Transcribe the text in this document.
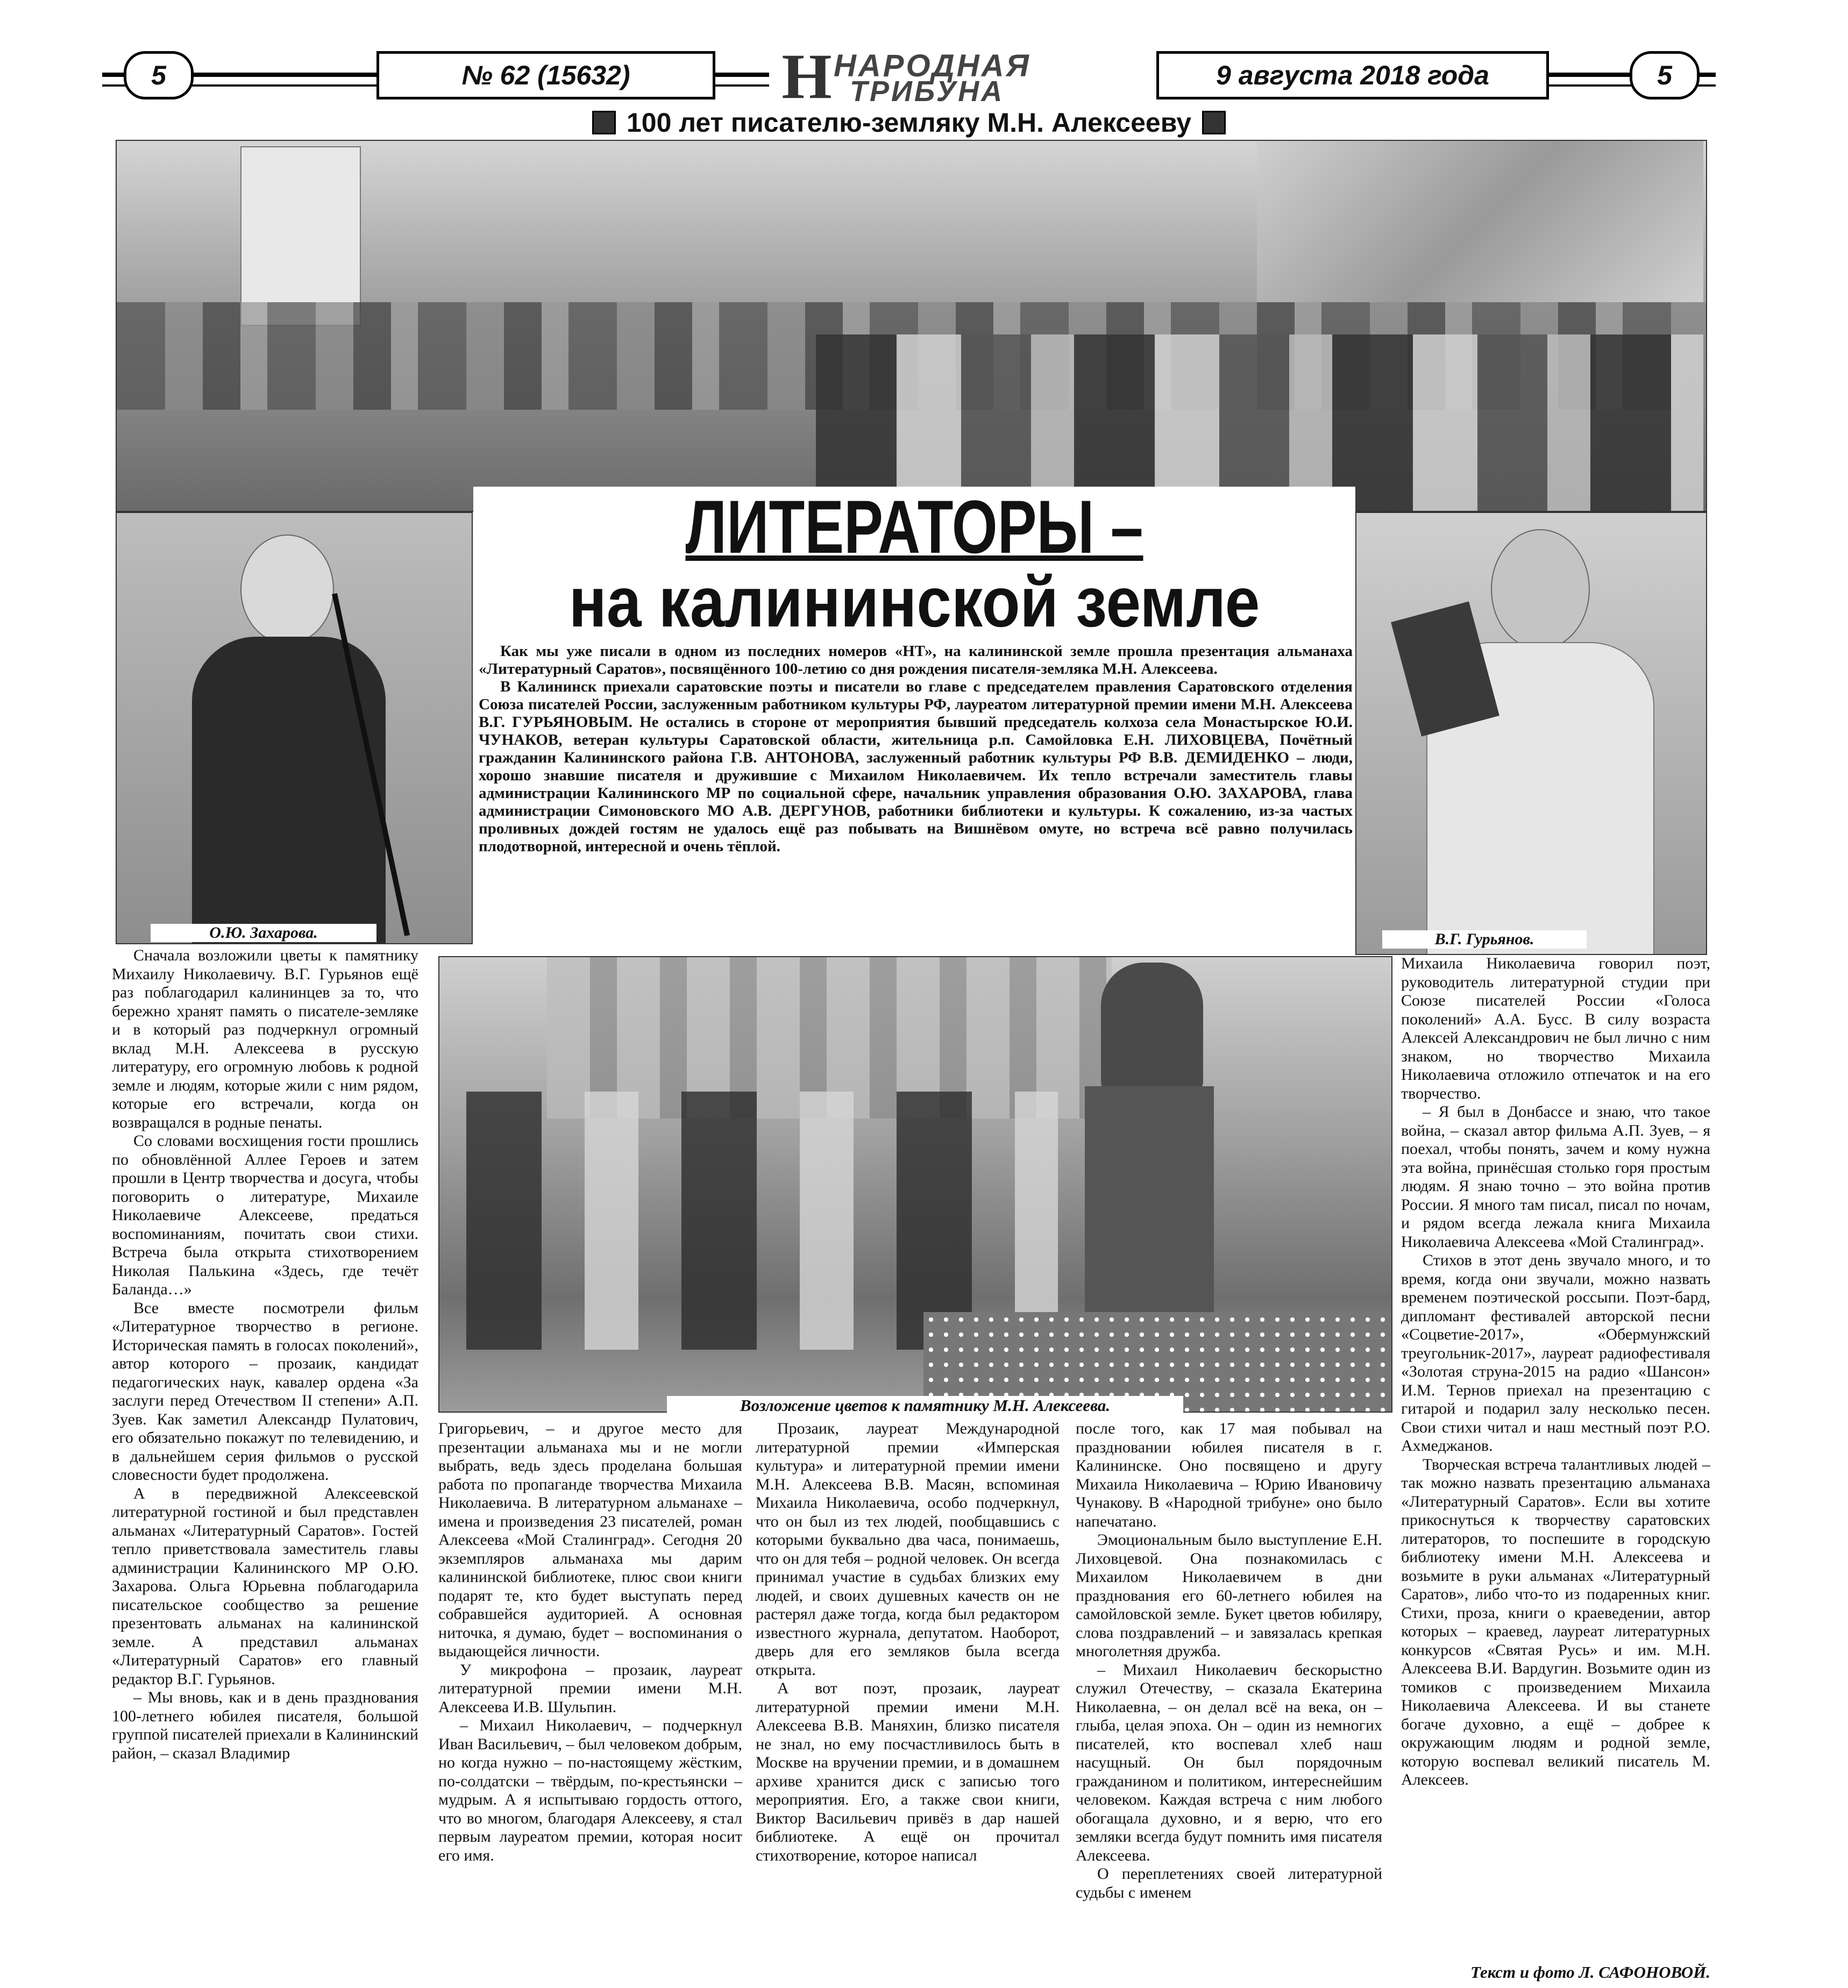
5	№ 62 (15632)	Н НАРОДНАЯ
ТРИБУНА	9 августа 2018 года	5
100 лет писателю-земляку М.Н. Алексееву
О.Ю. Захарова.	В.Г. Гурьянов.
ЛИТЕРАТОРЫ –
на калининской земле

Как мы уже писали в одном из последних номеров «НТ», на калининской земле прошла презентация альманаха «Литературный Саратов», посвящённого 100-летию со дня рождения писателя-земляка М.Н. Алексеева.

В Калининск приехали саратовские поэты и писатели во главе с председателем правления Саратовского отделения Союза писателей России, заслуженным работником культуры РФ, лауреатом литературной премии имени М.Н. Алексеева В.Г. ГУРЬЯНОВЫМ. Не остались в стороне от мероприятия бывший председатель колхоза села Монастырское Ю.И. ЧУНАКОВ, ветеран культуры Саратовской области, жительница р.п. Самойловка Е.Н. ЛИХОВЦЕВА, Почётный гражданин Калининского района Г.В. АНТОНОВА, заслуженный работник культуры РФ В.В. ДЕМИДЕНКО – люди, хорошо знавшие писателя и дружившие с Михаилом Николаевичем. Их тепло встречали заместитель главы администрации Калининского МР по социальной сфере, начальник управления образования О.Ю. ЗАХАРОВА, глава администрации Симоновского МО А.В. ДЕРГУНОВ, работники библиотеки и культуры. К сожалению, из-за частых проливных дождей гостям не удалось ещё раз побывать на Вишнёвом омуте, но встреча всё равно получилась плодотворной, интересной и очень тёплой.

Возложение цветов к памятнику М.Н. Алексеева.

Сначала возложили цветы к памятнику Михаилу Николаевичу. В.Г. Гурьянов ещё раз поблагодарил калининцев за то, что бережно хранят память о писателе-земляке и в который раз подчеркнул огромный вклад М.Н. Алексеева в русскую литературу, его огромную любовь к родной земле и людям, которые жили с ним рядом, которые его встречали, когда он возвращался в родные пенаты.

Со словами восхищения гости прошлись по обновлённой Аллее Героев и затем прошли в Центр творчества и досуга, чтобы поговорить о литературе, Михаиле Николаевиче Алексееве, предаться воспоминаниям, почитать свои стихи. Встреча была открыта стихотворением Николая Палькина «Здесь, где течёт Баланда…»

Все вместе посмотрели фильм «Литературное творчество в регионе. Историческая память в голосах поколений», автор которого – прозаик, кандидат педагогических наук, кавалер ордена «За заслуги перед Отечеством II степени» А.П. Зуев. Как заметил Александр Пулатович, его обязательно покажут по телевидению, и в дальнейшем серия фильмов о русской словесности будет продолжена.

А в передвижной Алексеевской литературной гостиной и был представлен альманах «Литературный Саратов». Гостей тепло приветствовала заместитель главы администрации Калининского МР О.Ю. Захарова. Ольга Юрьевна поблагодарила писательское сообщество за решение презентовать альманах на калининской земле. А представил альманах «Литературный Саратов» его главный редактор В.Г. Гурьянов.

– Мы вновь, как и в день празднования 100-летнего юбилея писателя, большой группой писателей приехали в Калининский район, – сказал Владимир

Григорьевич, – и другое место для презентации альманаха мы и не могли выбрать, ведь здесь проделана большая работа по пропаганде творчества Михаила Николаевича. В литературном альманахе – имена и произведения 23 писателей, роман Алексеева «Мой Сталинград». Сегодня 20 экземпляров альманаха мы дарим калининской библиотеке, плюс свои книги подарят те, кто будет выступать перед собравшейся аудиторией. А основная ниточка, я думаю, будет – воспоминания о выдающейся личности.

У микрофона – прозаик, лауреат литературной премии имени М.Н. Алексеева И.В. Шульпин.

– Михаил Николаевич, – подчеркнул Иван Васильевич, – был человеком добрым, но когда нужно – по-настоящему жёстким, по-солдатски – твёрдым, по-крестьянски – мудрым. А я испытываю гордость оттого, что во многом, благодаря Алексееву, я стал первым лауреатом премии, которая носит его имя.

Прозаик, лауреат Международной литературной премии «Имперская культура» и литературной премии имени М.Н. Алексеева В.В. Масян, вспоминая Михаила Николаевича, особо подчеркнул, что он был из тех людей, пообщавшись с которыми буквально два часа, понимаешь, что он для тебя – родной человек. Он всегда принимал участие в судьбах близких ему людей, и своих душевных качеств он не растерял даже тогда, когда был редактором известного журнала, депутатом. Наоборот, дверь для его земляков была всегда открыта.

А вот поэт, прозаик, лауреат литературной премии имени М.Н. Алексеева В.В. Маняхин, близко писателя не знал, но ему посчастливилось быть в Москве на вручении премии, и в домашнем архиве хранится диск с записью того мероприятия. Его, а также свои книги, Виктор Васильевич привёз в дар нашей библиотеке. А ещё он прочитал стихотворение, которое написал

после того, как 17 мая побывал на праздновании юбилея писателя в г. Калининске. Оно посвящено и другу Михаила Николаевича – Юрию Ивановичу Чунакову. В «Народной трибуне» оно было напечатано.

Эмоциональным было выступление Е.Н. Лиховцевой. Она познакомилась с Михаилом Николаевичем в дни празднования его 60-летнего юбилея на самойловской земле. Букет цветов юбиляру, слова поздравлений – и завязалась крепкая многолетняя дружба.

– Михаил Николаевич бескорыстно служил Отечеству, – сказала Екатерина Николаевна, – он делал всё на века, он – глыба, целая эпоха. Он – один из немногих писателей, кто воспевал хлеб наш насущный. Он был порядочным гражданином и политиком, интереснейшим человеком. Каждая встреча с ним любого обогащала духовно, и я верю, что его земляки всегда будут помнить имя писателя Алексеева.

О переплетениях своей литературной судьбы с именем

Михаила Николаевича говорил поэт, руководитель литературной студии при Союзе писателей России «Голоса поколений» А.А. Бусс. В силу возраста Алексей Александрович не был лично с ним знаком, но творчество Михаила Николаевича отложило отпечаток и на его творчество.

– Я был в Донбассе и знаю, что такое война, – сказал автор фильма А.П. Зуев, – я поехал, чтобы понять, зачем и кому нужна эта война, принёсшая столько горя простым людям. Я знаю точно – это война против России. Я много там писал, писал по ночам, и рядом всегда лежала книга Михаила Николаевича Алексеева «Мой Сталинград».

Стихов в этот день звучало много, и то время, когда они звучали, можно назвать временем поэтической россыпи. Поэт-бард, дипломант фестивалей авторской песни «Соцветие-2017», «Обермунжский треугольник-2017», лауреат радиофестиваля «Золотая струна-2015 на радио «Шансон» И.М. Тернов приехал на презентацию с гитарой и подарил залу несколько песен. Свои стихи читал и наш местный поэт Р.О. Ахмеджанов.

Творческая встреча талантливых людей – так можно назвать презентацию альманаха «Литературный Саратов». Если вы хотите прикоснуться к творчеству саратовских литераторов, то поспешите в городскую библиотеку имени М.Н. Алексеева и возьмите в руки альманах «Литературный Саратов», либо что-то из подаренных книг. Стихи, проза, книги о краеведении, автор которых – краевед, лауреат литературных конкурсов «Святая Русь» и им. М.Н. Алексеева В.И. Вардугин. Возьмите один из томиков с произведением Михаила Николаевича Алексеева. И вы станете богаче духовно, а ещё – добрее к окружающим людям и родной земле, которую воспевал великий писатель М. Алексеев.

Текст и фото Л. САФОНОВОЙ.
